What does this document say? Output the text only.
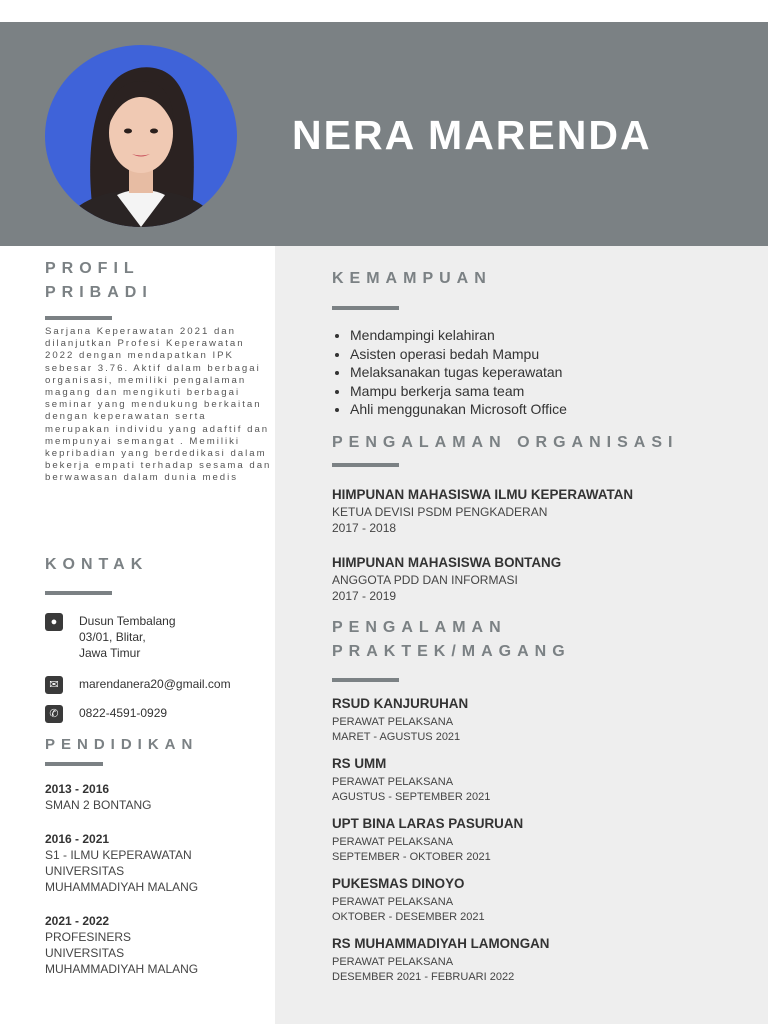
NERA MARENDA
PROFIL
PRIBADI
Sarjana Keperawatan 2021 dan dilanjutkan Profesi Keperawatan 2022 dengan mendapatkan IPK sebesar 3.76. Aktif dalam berbagai organisasi, memiliki pengalaman magang dan mengikuti berbagai seminar yang mendukung berkaitan dengan keperawatan serta merupakan individu yang adaftif dan mempunyai semangat . Memiliki kepribadian yang berdedikasi dalam bekerja empati terhadap sesama dan berwawasan dalam dunia medis
KONTAK
●	Dusun Tembalang
03/01, Blitar,
Jawa Timur
✉	marendanera20@gmail.com
✆	0822-4591-0929
PENDIDIKAN
2013 - 2016
SMAN 2 BONTANG
2016 - 2021
S1 - ILMU KEPERAWATAN
UNIVERSITAS
MUHAMMADIYAH MALANG
2021 - 2022
PROFESINERS
UNIVERSITAS
MUHAMMADIYAH MALANG
KEMAMPUAN
• Mendampingi kelahiran
• Asisten operasi bedah Mampu
• Melaksanakan tugas keperawatan
• Mampu berkerja sama team
• Ahli menggunakan Microsoft Office
PENGALAMAN ORGANISASI
HIMPUNAN MAHASISWA ILMU KEPERAWATAN
KETUA DEVISI PSDM PENGKADERAN
2017 - 2018
HIMPUNAN MAHASISWA BONTANG
ANGGOTA PDD DAN INFORMASI
2017 - 2019
PENGALAMAN
PRAKTEK/MAGANG
RSUD KANJURUHAN
PERAWAT PELAKSANA
MARET - AGUSTUS 2021
RS UMM
PERAWAT PELAKSANA
AGUSTUS - SEPTEMBER 2021
UPT BINA LARAS PASURUAN
PERAWAT PELAKSANA
SEPTEMBER - OKTOBER 2021
PUKESMAS DINOYO
PERAWAT PELAKSANA
OKTOBER - DESEMBER 2021
RS MUHAMMADIYAH LAMONGAN
PERAWAT PELAKSANA
DESEMBER 2021 - FEBRUARI 2022
